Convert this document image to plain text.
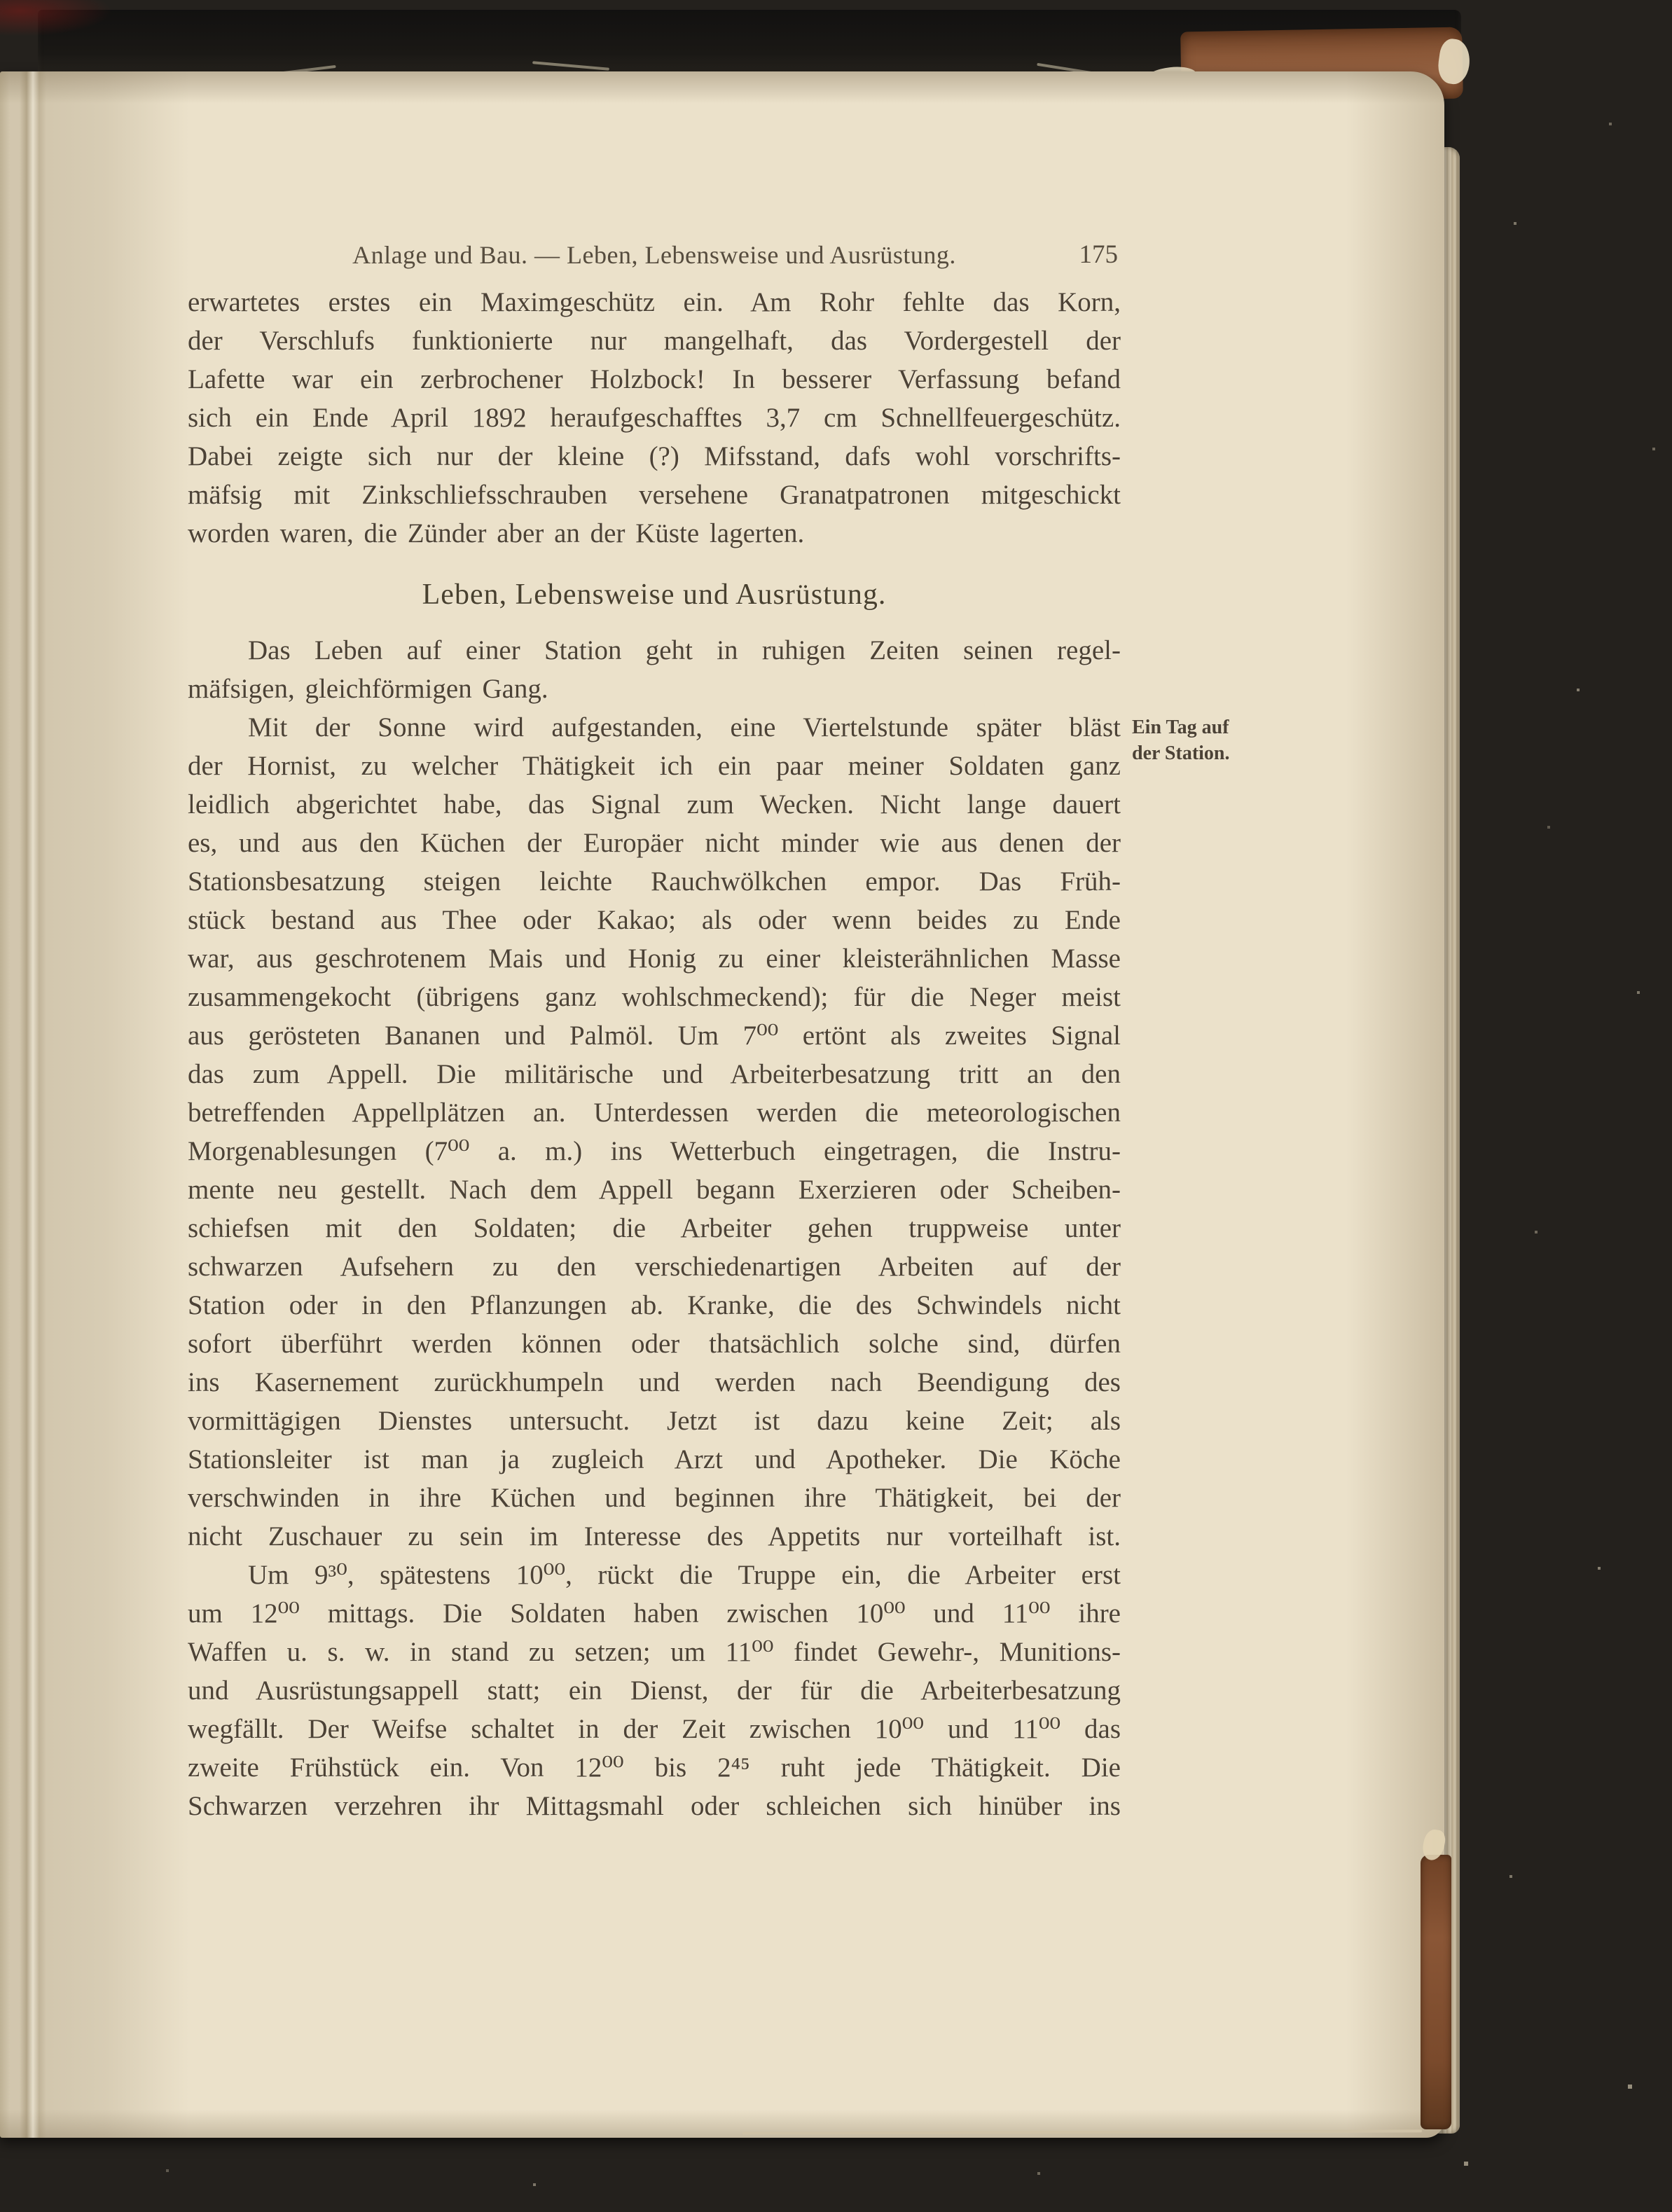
Anlage und Bau. — Leben, Lebensweise und Ausrüstung.	175
erwartetes erstes ein Maximgeschütz ein. Am Rohr fehlte das Korn,
der Verschlufs funktionierte nur mangelhaft, das Vordergestell der
Lafette war ein zerbrochener Holzbock! In besserer Verfassung befand
sich ein Ende April 1892 heraufgeschafftes 3,7 cm Schnellfeuergeschütz.
Dabei zeigte sich nur der kleine (?) Mifsstand, dafs wohl vorschrifts-
mäfsig mit Zinkschliefsschrauben versehene Granatpatronen mitgeschickt
worden waren, die Zünder aber an der Küste lagerten.
Leben, Lebensweise und Ausrüstung.
Das Leben auf einer Station geht in ruhigen Zeiten seinen regel-
mäfsigen, gleichförmigen Gang.
Mit der Sonne wird aufgestanden, eine Viertelstunde später bläst
der Hornist, zu welcher Thätigkeit ich ein paar meiner Soldaten ganz
leidlich abgerichtet habe, das Signal zum Wecken. Nicht lange dauert
es, und aus den Küchen der Europäer nicht minder wie aus denen der
Stationsbesatzung steigen leichte Rauchwölkchen empor. Das Früh-
stück bestand aus Thee oder Kakao; als oder wenn beides zu Ende
war, aus geschrotenem Mais und Honig zu einer kleisterähnlichen Masse
zusammengekocht (übrigens ganz wohlschmeckend); für die Neger meist
aus gerösteten Bananen und Palmöl. Um 7⁰⁰ ertönt als zweites Signal
das zum Appell. Die militärische und Arbeiterbesatzung tritt an den
betreffenden Appellplätzen an. Unterdessen werden die meteorologischen
Morgenablesungen (7⁰⁰ a. m.) ins Wetterbuch eingetragen, die Instru-
mente neu gestellt. Nach dem Appell begann Exerzieren oder Scheiben-
schiefsen mit den Soldaten; die Arbeiter gehen truppweise unter
schwarzen Aufsehern zu den verschiedenartigen Arbeiten auf der
Station oder in den Pflanzungen ab. Kranke, die des Schwindels nicht
sofort überführt werden können oder thatsächlich solche sind, dürfen
ins Kasernement zurückhumpeln und werden nach Beendigung des
vormittägigen Dienstes untersucht. Jetzt ist dazu keine Zeit; als
Stationsleiter ist man ja zugleich Arzt und Apotheker. Die Köche
verschwinden in ihre Küchen und beginnen ihre Thätigkeit, bei der
nicht Zuschauer zu sein im Interesse des Appetits nur vorteilhaft ist.
Um 9³⁰, spätestens 10⁰⁰, rückt die Truppe ein, die Arbeiter erst
um 12⁰⁰ mittags. Die Soldaten haben zwischen 10⁰⁰ und 11⁰⁰ ihre
Waffen u. s. w. in stand zu setzen; um 11⁰⁰ findet Gewehr-, Munitions-
und Ausrüstungsappell statt; ein Dienst, der für die Arbeiterbesatzung
wegfällt. Der Weifse schaltet in der Zeit zwischen 10⁰⁰ und 11⁰⁰ das
zweite Frühstück ein. Von 12⁰⁰ bis 2⁴⁵ ruht jede Thätigkeit. Die
Schwarzen verzehren ihr Mittagsmahl oder schleichen sich hinüber ins
Ein Tag auf
der Station.
